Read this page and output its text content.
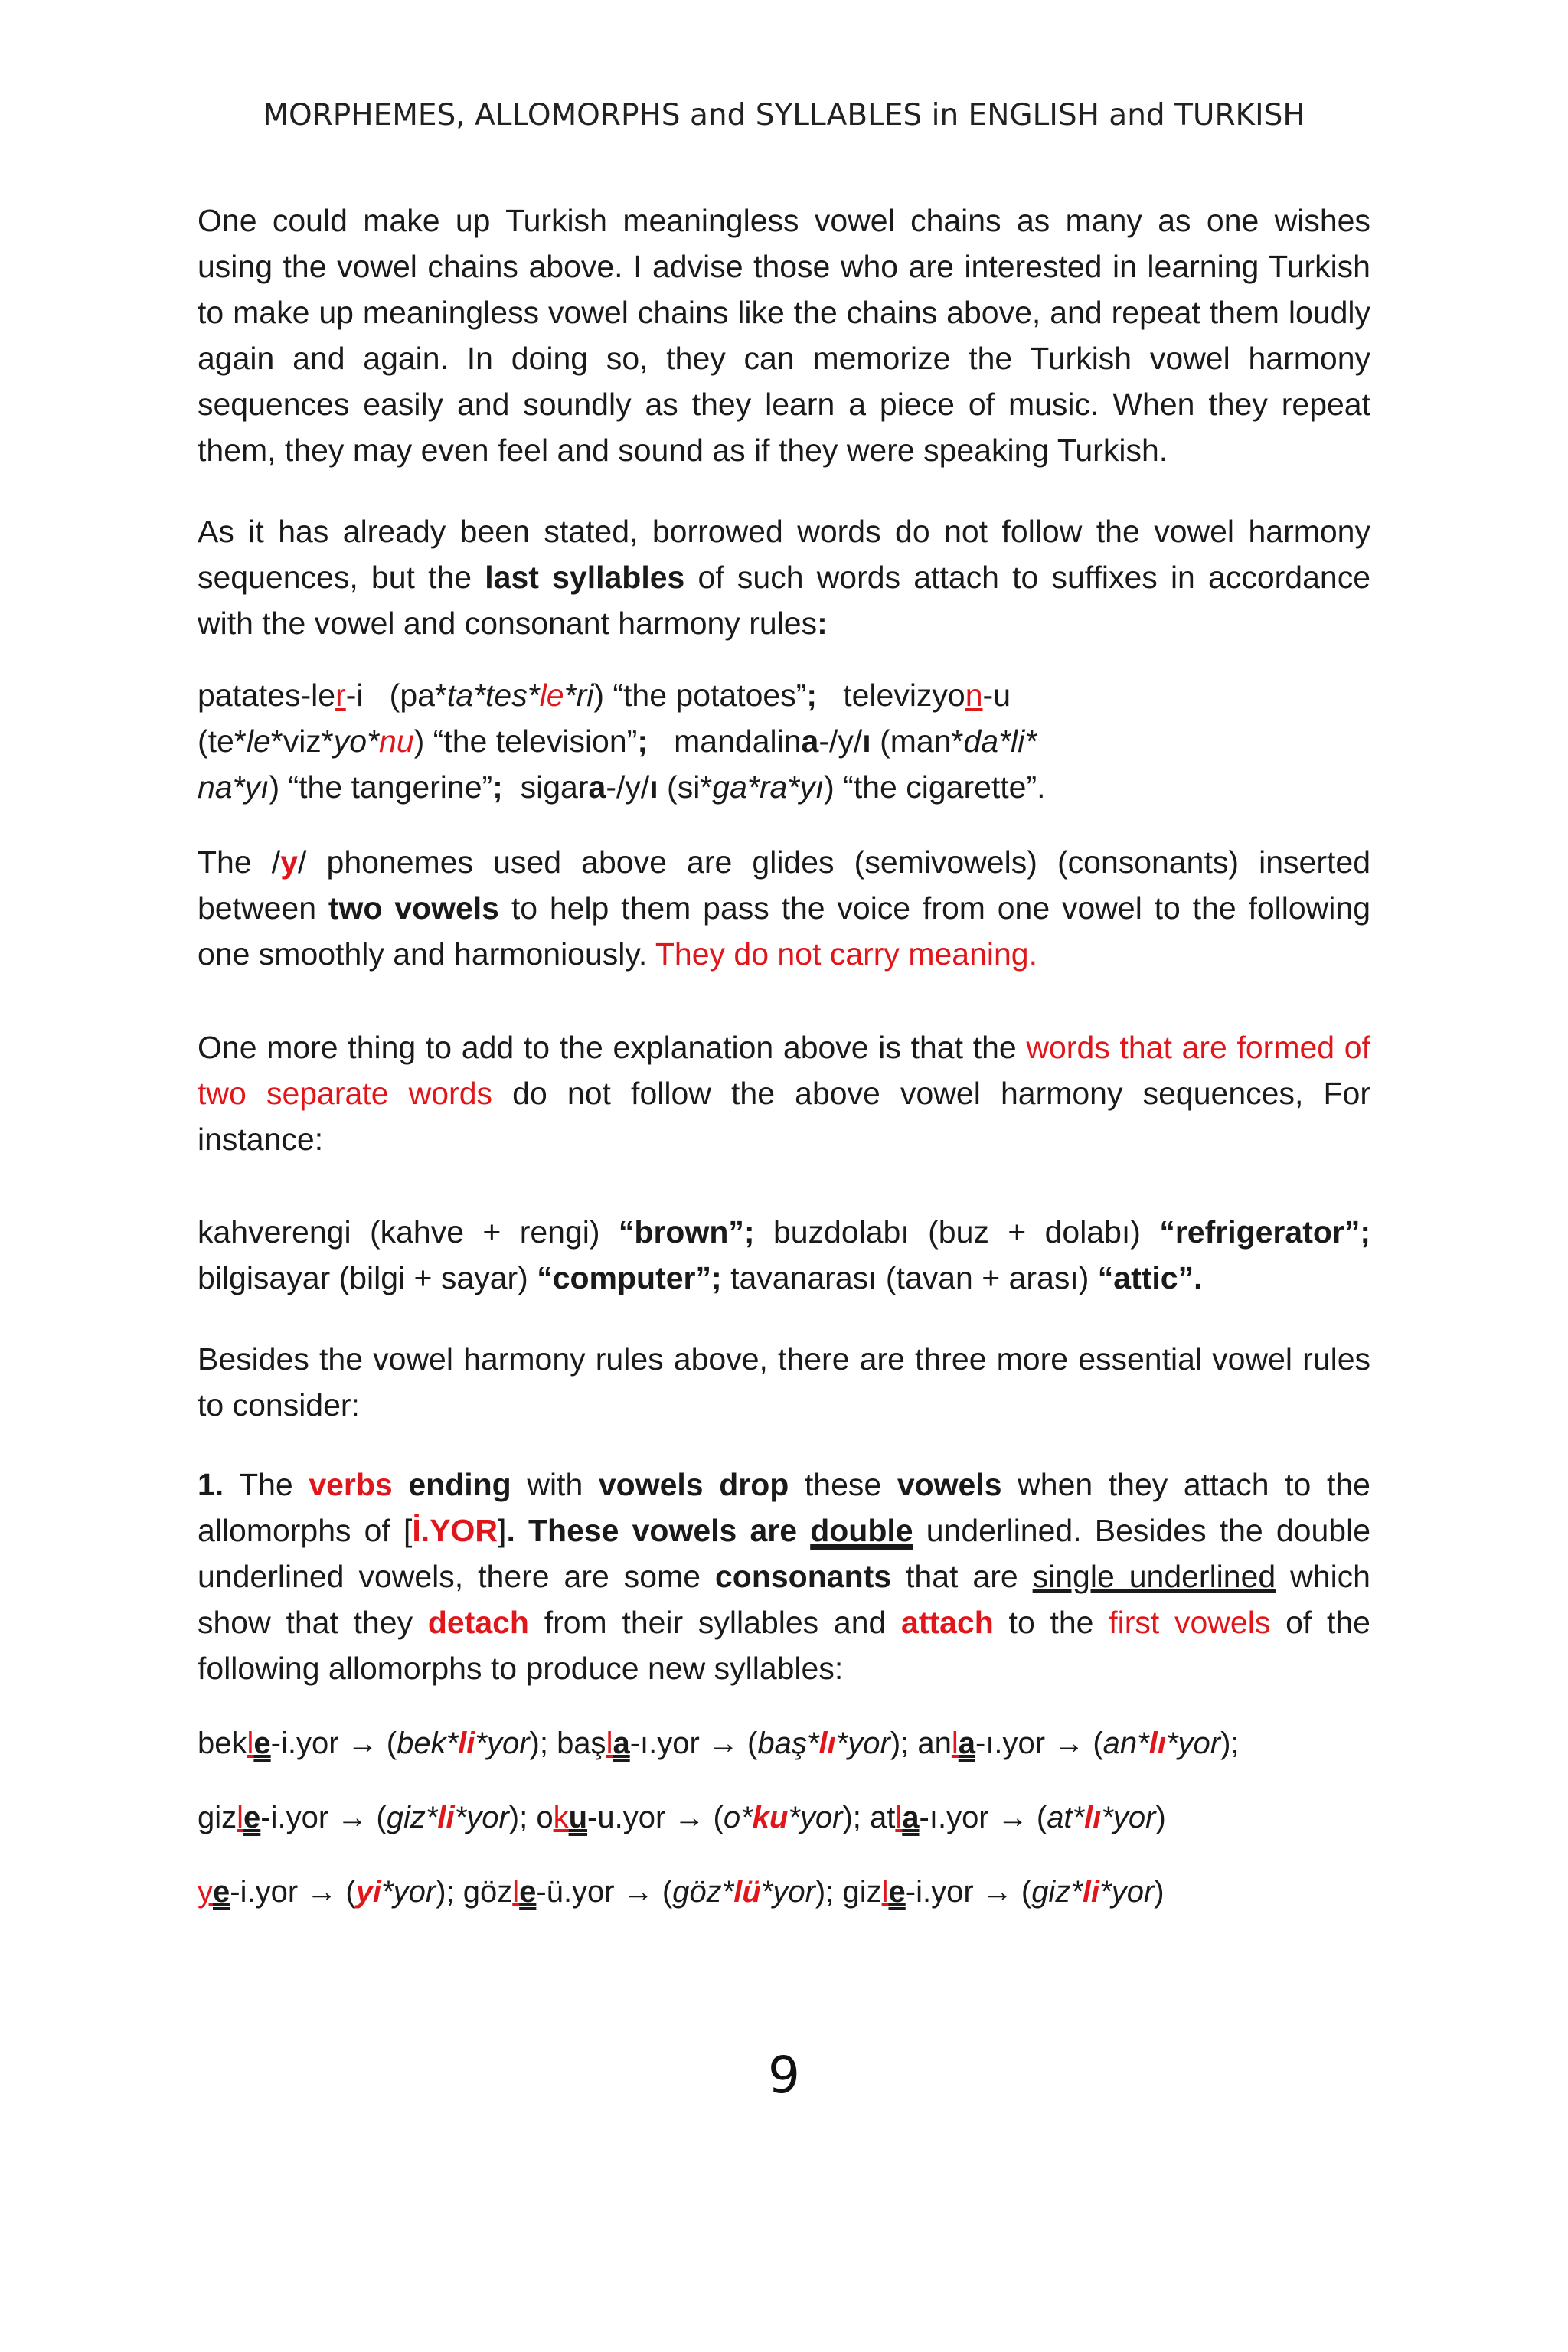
MORPHEMES, ALLOMORPHS and SYLLABLES in ENGLISH and TURKISH

One could make up Turkish meaningless vowel chains as many as one wishes using the vowel chains above. I advise those who are interested in learning Turkish to make up meaningless vowel chains like the chains above, and repeat them loudly again and again. In doing so, they can memorize the Turkish vowel harmony sequences easily and soundly as they learn a piece of music. When they repeat them, they may even feel and sound as if they were speaking Turkish.

As it has already been stated, borrowed words do not follow the vowel harmony sequences, but the last syllables of such words attach to suffixes in accordance with the vowel and consonant harmony rules:

patates-ler-i (pa*ta*tes*le*ri) “the potatoes”; televizyon-u
(te*le*viz*yo*nu) “the television”; mandalina-/y/ı (man*da*li*
na*yı) “the tangerine”; sigara-/y/ı (si*ga*ra*yı) “the cigarette”.

The /y/ phonemes used above are glides (semivowels) (consonants) inserted between two vowels to help them pass the voice from one vowel to the following one smoothly and harmoniously. They do not carry meaning.

One more thing to add to the explanation above is that the words that are formed of two separate words do not follow the above vowel harmony sequences, For instance:

kahverengi (kahve + rengi) “brown”; buzdolabı (buz + dolabı) “refrigerator”; bilgisayar (bilgi + sayar) “computer”; tavanarası (tavan + arası) “attic”.

Besides the vowel harmony rules above, there are three more essential vowel rules to consider:

1. The verbs ending with vowels drop these vowels when they attach to the allomorphs of [İ.YOR]. These vowels are double underlined. Besides the double underlined vowels, there are some consonants that are single underlined which show that they detach from their syllables and attach to the first vowels of the following allomorphs to produce new syllables:

bekle-i.yor → (bek*li*yor); başla-ı.yor → (baş*lı*yor); anla-ı.yor → (an*lı*yor);

gizle-i.yor → (giz*li*yor); oku-u.yor → (o*ku*yor); atla-ı.yor → (at*lı*yor)

ye-i.yor → (yi*yor); gözle-ü.yor → (göz*lü*yor); gizle-i.yor → (giz*li*yor)

9
